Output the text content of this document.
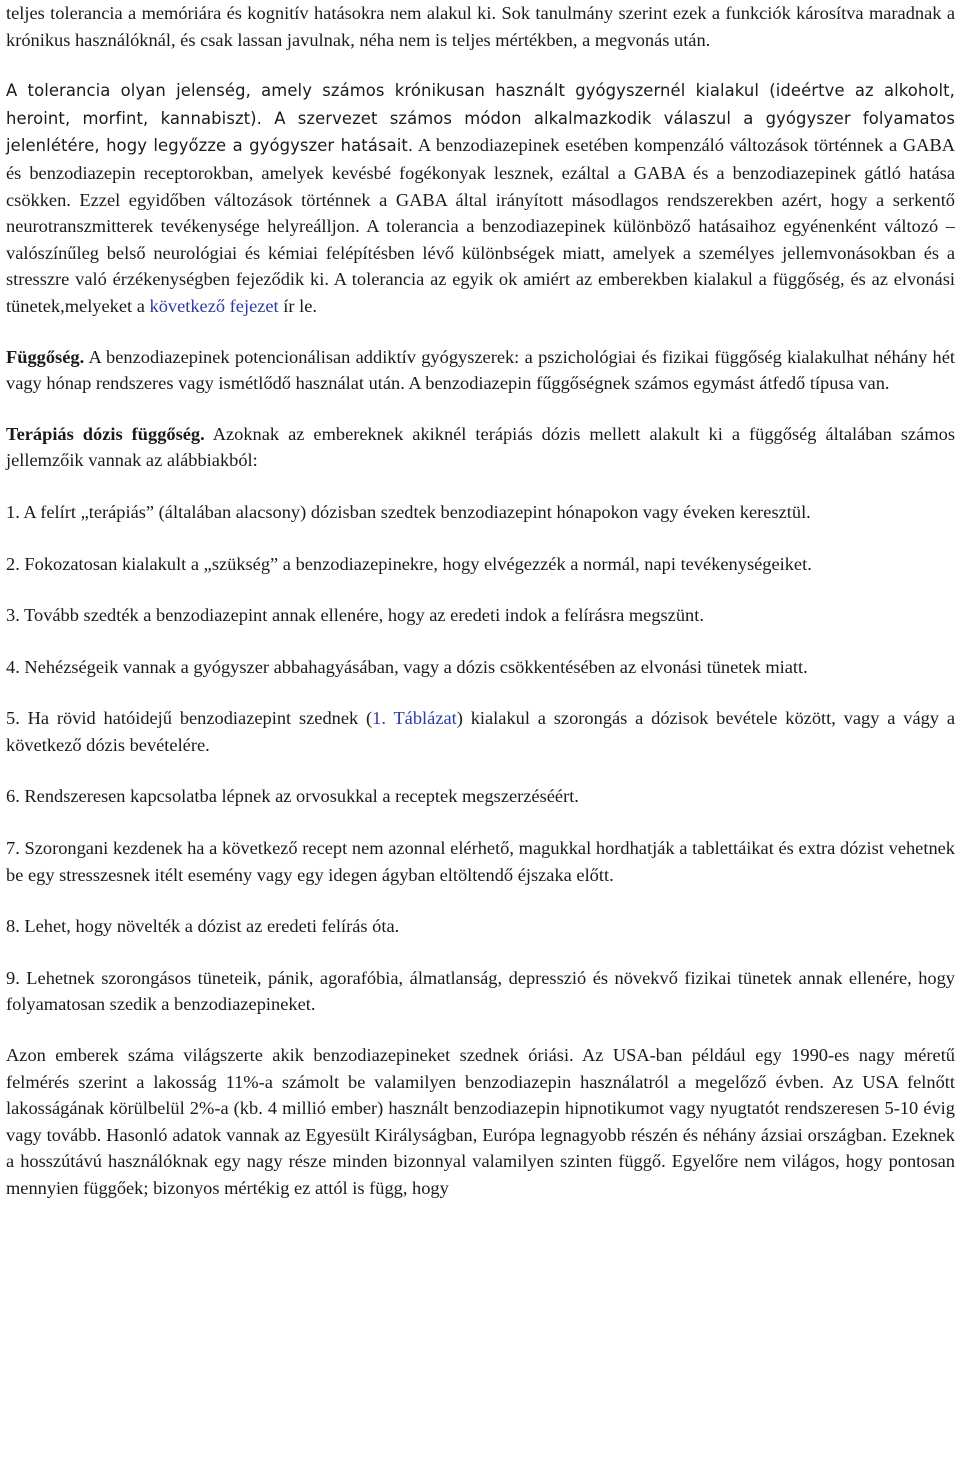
teljes tolerancia a memóriára és kognitív hatásokra nem alakul ki. Sok tanulmány szerint ezek a funkciók károsítva maradnak a krónikus használóknál, és csak lassan javulnak, néha nem is teljes mértékben, a megvonás után.

A tolerancia olyan jelenség, amely számos krónikusan használt gyógyszernél kialakul (ideértve az alkoholt, heroint, morfint, kannabiszt). A szervezet számos módon alkalmazkodik válaszul a gyógyszer folyamatos jelenlétére, hogy legyőzze a gyógyszer hatásait. A benzodiazepinek esetében kompenzáló változások történnek a GABA és benzodiazepin receptorokban, amelyek kevésbé fogékonyak lesznek, ezáltal a GABA és a benzodiazepinek gátló hatása csökken. Ezzel egyidőben változások történnek a GABA által irányított másodlagos rendszerekben azért, hogy a serkentő neurotranszmitterek tevékenysége helyreálljon. A tolerancia a benzodiazepinek különböző hatásaihoz egyénenként változó – valószínűleg belső neurológiai és kémiai felépítésben lévő különbségek miatt, amelyek a személyes jellemvonásokban és a stresszre való érzékenységben fejeződik ki. A tolerancia az egyik ok amiért az emberekben kialakul a függőség, és az elvonási tünetek,melyeket a következő fejezet ír le.

Függőség. A benzodiazepinek potencionálisan addiktív gyógyszerek: a pszichológiai és fizikai függőség kialakulhat néhány hét vagy hónap rendszeres vagy ismétlődő használat után. A benzodiazepin fűggőségnek számos egymást átfedő típusa van.

Terápiás dózis függőség. Azoknak az embereknek akiknél terápiás dózis mellett alakult ki a függőség általában számos jellemzőik vannak az alábbiakból:

1. A felírt „terápiás” (általában alacsony) dózisban szedtek benzodiazepint hónapokon vagy éveken keresztül.

2. Fokozatosan kialakult a „szükség” a benzodiazepinekre, hogy elvégezzék a normál, napi tevékenységeiket.

3. Tovább szedték a benzodiazepint annak ellenére, hogy az eredeti indok a felírásra megszünt.

4. Nehézségeik vannak a gyógyszer abbahagyásában, vagy a dózis csökkentésében az elvonási tünetek miatt.

5. Ha rövid hatóidejű benzodiazepint szednek (1. Táblázat) kialakul a szorongás a dózisok bevétele között, vagy a vágy a következő dózis bevételére.

6. Rendszeresen kapcsolatba lépnek az orvosukkal a receptek megszerzéséért.

7. Szorongani kezdenek ha a következő recept nem azonnal elérhető, magukkal hordhatják a tablettáikat és extra dózist vehetnek be egy stresszesnek itélt esemény vagy egy idegen ágyban eltöltendő éjszaka előtt.

8. Lehet, hogy növelték a dózist az eredeti felírás óta.

9. Lehetnek szorongásos tüneteik, pánik, agorafóbia, álmatlanság, depresszió és növekvő fizikai tünetek annak ellenére, hogy folyamatosan szedik a benzodiazepineket.

Azon emberek száma világszerte akik benzodiazepineket szednek óriási. Az USA-ban például egy 1990-es nagy méretű felmérés szerint a lakosság 11%-a számolt be valamilyen benzodiazepin használatról a megelőző évben. Az USA felnőtt lakosságának körülbelül 2%-a (kb. 4 millió ember) használt benzodiazepin hipnotikumot vagy nyugtatót rendszeresen 5-10 évig vagy tovább. Hasonló adatok vannak az Egyesült Királyságban, Európa legnagyobb részén és néhány ázsiai országban. Ezeknek a hosszútávú használóknak egy nagy része minden bizonnyal valamilyen szinten függő. Egyelőre nem világos, hogy pontosan mennyien függőek; bizonyos mértékig ez attól is függ, hogy
